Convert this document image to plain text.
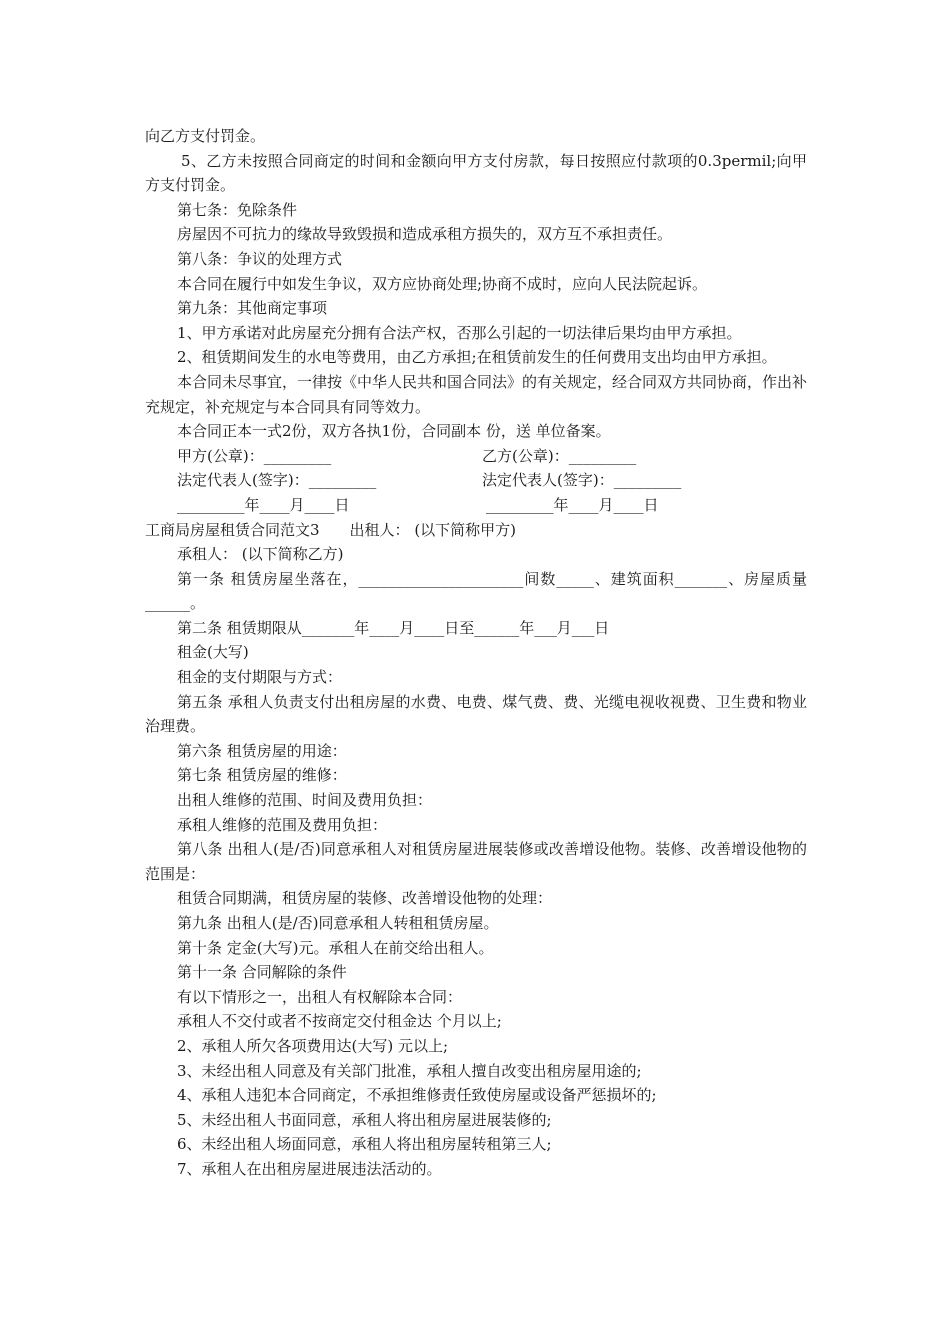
向乙方支付罚金。

5、乙方未按照合同商定的时间和金额向甲方支付房款，每日按照应付款项的0.3permil;向甲方支付罚金。

第七条：免除条件

房屋因不可抗力的缘故导致毁损和造成承租方损失的，双方互不承担责任。

第八条：争议的处理方式

本合同在履行中如发生争议，双方应协商处理;协商不成时，应向人民法院起诉。

第九条：其他商定事项

1、甲方承诺对此房屋充分拥有合法产权，否那么引起的一切法律后果均由甲方承担。

2、租赁期间发生的水电等费用，由乙方承担;在租赁前发生的任何费用支出均由甲方承担。

本合同未尽事宜，一律按《中华人民共和国合同法》的有关规定，经合同双方共同协商，作出补充规定，补充规定与本合同具有同等效力。

本合同正本一式2份，双方各执1份，合同副本 份，送 单位备案。

甲方(公章)：_________	乙方(公章)：_________
法定代表人(签字)：_________	法定代表人(签字)：_________
_________年____月____日	_________年____月____日

工商局房屋租赁合同范文3 出租人： (以下简称甲方)

承租人： (以下简称乙方)

第一条 租赁房屋坐落在，______________________间数_____、建筑面积_______、房屋质量______。

第二条 租赁期限从_______年____月____日至______年___月___日

租金(大写)

租金的支付期限与方式：

第五条 承租人负责支付出租房屋的水费、电费、煤气费、费、光缆电视收视费、卫生费和物业治理费。

第六条 租赁房屋的用途：

第七条 租赁房屋的维修：

出租人维修的范围、时间及费用负担：

承租人维修的范围及费用负担：

第八条 出租人(是/否)同意承租人对租赁房屋进展装修或改善增设他物。装修、改善增设他物的范围是：

租赁合同期满，租赁房屋的装修、改善增设他物的处理：

第九条 出租人(是/否)同意承租人转租租赁房屋。

第十条 定金(大写)元。承租人在前交给出租人。

第十一条 合同解除的条件

有以下情形之一，出租人有权解除本合同：

承租人不交付或者不按商定交付租金达 个月以上;

2、承租人所欠各项费用达(大写) 元以上;

3、未经出租人同意及有关部门批准，承租人擅自改变出租房屋用途的;

4、承租人违犯本合同商定，不承担维修责任致使房屋或设备严惩损坏的;

5、未经出租人书面同意，承租人将出租房屋进展装修的;

6、未经出租人场面同意，承租人将出租房屋转租第三人;

7、承租人在出租房屋进展违法活动的。
